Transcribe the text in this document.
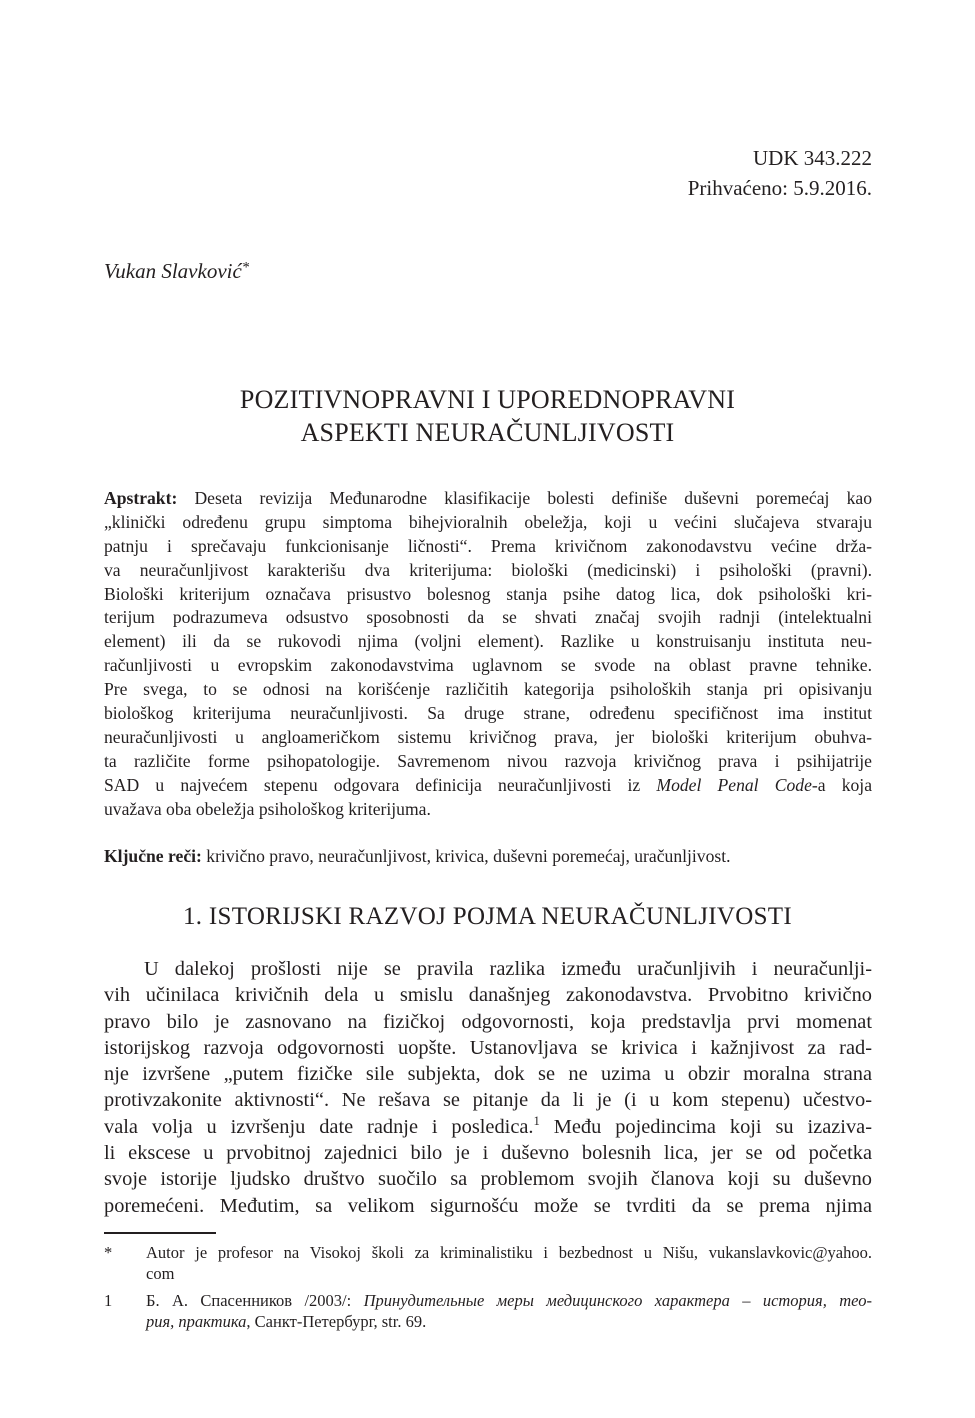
UDK 343.222
Prihvaćeno: 5.9.2016.
Vukan Slavković*
POZITIVNOPRAVNI I UPOREDNOPRAVNI
ASPEKTI NEURAČUNLJIVOSTI
Apstrakt: Deseta revizija Međunarodne klasifikacije bolesti definiše duševni poremećaj kao
„klinički određenu grupu simptoma bihejvioralnih obeležja, koji u većini slučajeva stvaraju
patnju i sprečavaju funkcionisanje ličnosti“. Prema krivičnom zakonodavstvu većine drža-
va neuračunljivost karakterišu dva kriterijuma: biološki (medicinski) i psihološki (pravni).
Biološki kriterijum označava prisustvo bolesnog stanja psihe datog lica, dok psihološki kri-
terijum podrazumeva odsustvo sposobnosti da se shvati značaj svojih radnji (intelektualni
element) ili da se rukovodi njima (voljni element). Razlike u konstruisanju instituta neu-
računljivosti u evropskim zakonodavstvima uglavnom se svode na oblast pravne tehnike.
Pre svega, to se odnosi na korišćenje različitih kategorija psiholoških stanja pri opisivanju
biološkog kriterijuma neuračunljivosti. Sa druge strane, određenu specifičnost ima institut
neuračunljivosti u angloameričkom sistemu krivičnog prava, jer biološki kriterijum obuhva-
ta različite forme psihopatologije. Savremenom nivou razvoja krivičnog prava i psihijatrije
SAD u najvećem stepenu odgovara definicija neuračunljivosti iz Model Penal Code-a koja
uvažava oba obeležja psihološkog kriterijuma.
Ključne reči: krivično pravo, neuračunljivost, krivica, duševni poremećaj, uračunljivost.
1. ISTORIJSKI RAZVOJ POJMA NEURAČUNLJIVOSTI
U dalekoj prošlosti nije se pravila razlika između uračunljivih i neuračunlji-
vih učinilaca krivičnih dela u smislu današnjeg zakonodavstva. Prvobitno krivično
pravo bilo je zasnovano na fizičkoj odgovornosti, koja predstavlja prvi momenat
istorijskog razvoja odgovornosti uopšte. Ustanovljava se krivica i kažnjivost za rad-
nje izvršene „putem fizičke sile subjekta, dok se ne uzima u obzir moralna strana
protivzakonite aktivnosti“. Ne rešava se pitanje da li je (i u kom stepenu) učestvo-
vala volja u izvršenju date radnje i posledica.$^1$ Među pojedincima koji su izaziva-
li ekscese u prvobitnoj zajednici bilo je i duševno bolesnih lica, jer se od početka
svoje istorije ljudsko društvo suočilo sa problemom svojih članova koji su duševno
poremećeni. Međutim, sa velikom sigurnošću može se tvrditi da se prema njima
* Autor je profesor na Visokoj školi za kriminalistiku i bezbednost u Nišu, vukanslavkovic@yahoo.
com
1 Б. А. Спасенников /2003/: Принудительные меры медицинского характера – история, тео-
рия, практика, Санкт-Петербург, str. 69.
